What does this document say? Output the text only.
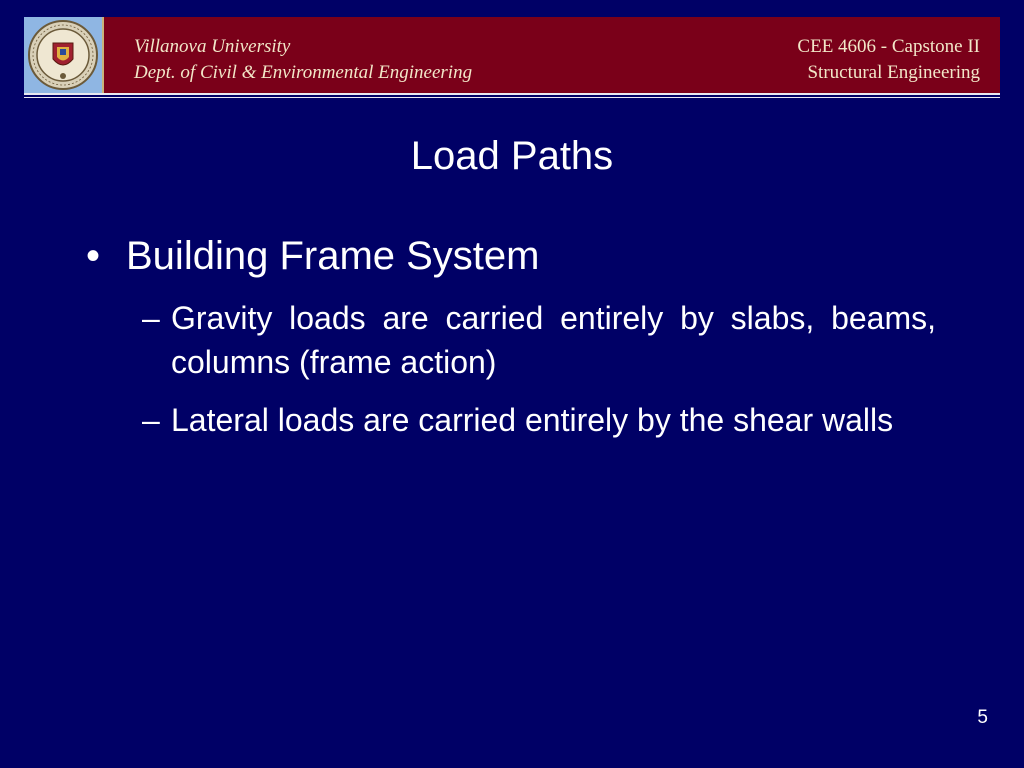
Villanova University
Dept. of Civil & Environmental Engineering
CEE 4606 - Capstone II
Structural Engineering
Load Paths
• Building Frame System
– Gravity loads are carried entirely by slabs, beams, columns (frame action)
– Lateral loads are carried entirely by the shear walls
5
